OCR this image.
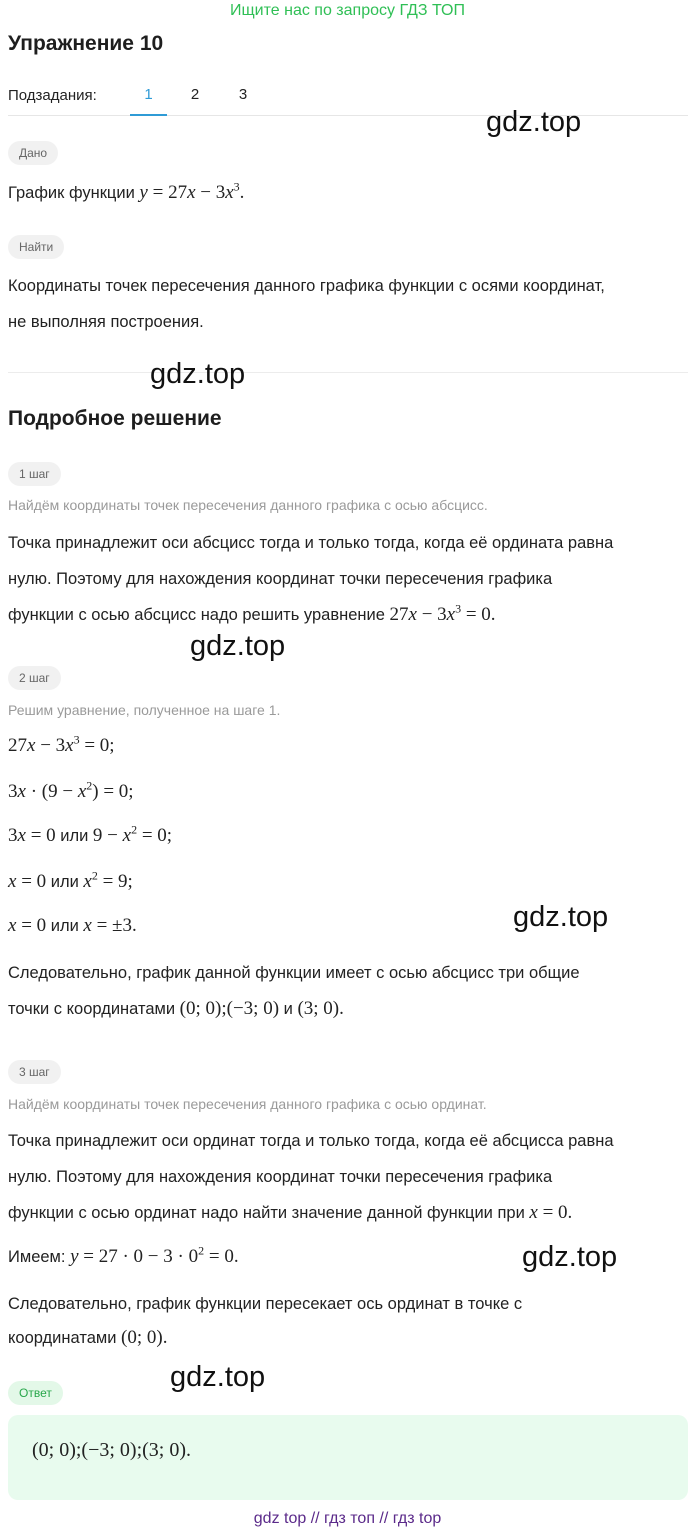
Ищите нас по запросу ГДЗ ТОП
Упражнение 10
Подзадания:	1	2	3
gdz.top
Дано
График функции $y = 27x - 3x^3$.
Найти
Координаты точек пересечения данного графика функции с осями координат,
не выполняя построения.
gdz.top
Подробное решение
1 шаг
Найдём координаты точек пересечения данного графика с осью абсцисс.
Точка принадлежит оси абсцисс тогда и только тогда, когда её ордината равна
нулю. Поэтому для нахождения координат точки пересечения графика
функции с осью абсцисс надо решить уравнение $27x - 3x^3 = 0$.
gdz.top
2 шаг
Решим уравнение, полученное на шаге 1.
$27x - 3x^3 = 0$;
$3x \cdot (9 - x^2) = 0$;
3x = 0 или $9 - x^2 = 0$;
x = 0 или $x^2 = 9$;
x = 0 или x = ±3.	gdz.top
Следовательно, график данной функции имеет с осью абсцисс три общие
точки с координатами (0; 0);(−3; 0) и (3; 0).
3 шаг
Найдём координаты точек пересечения данного графика с осью ординат.
Точка принадлежит оси ординат тогда и только тогда, когда её абсцисса равна
нулю. Поэтому для нахождения координат точки пересечения графика
функции с осью ординат надо найти значение данной функции при x = 0.
Имеем: $y = 27 \cdot 0 - 3 \cdot 0^2 = 0$.	gdz.top
Следовательно, график функции пересекает ось ординат в точке с
координатами (0; 0).
gdz.top
Ответ
(0; 0);(−3; 0);(3; 0).
gdz top // гдз топ // гдз top
